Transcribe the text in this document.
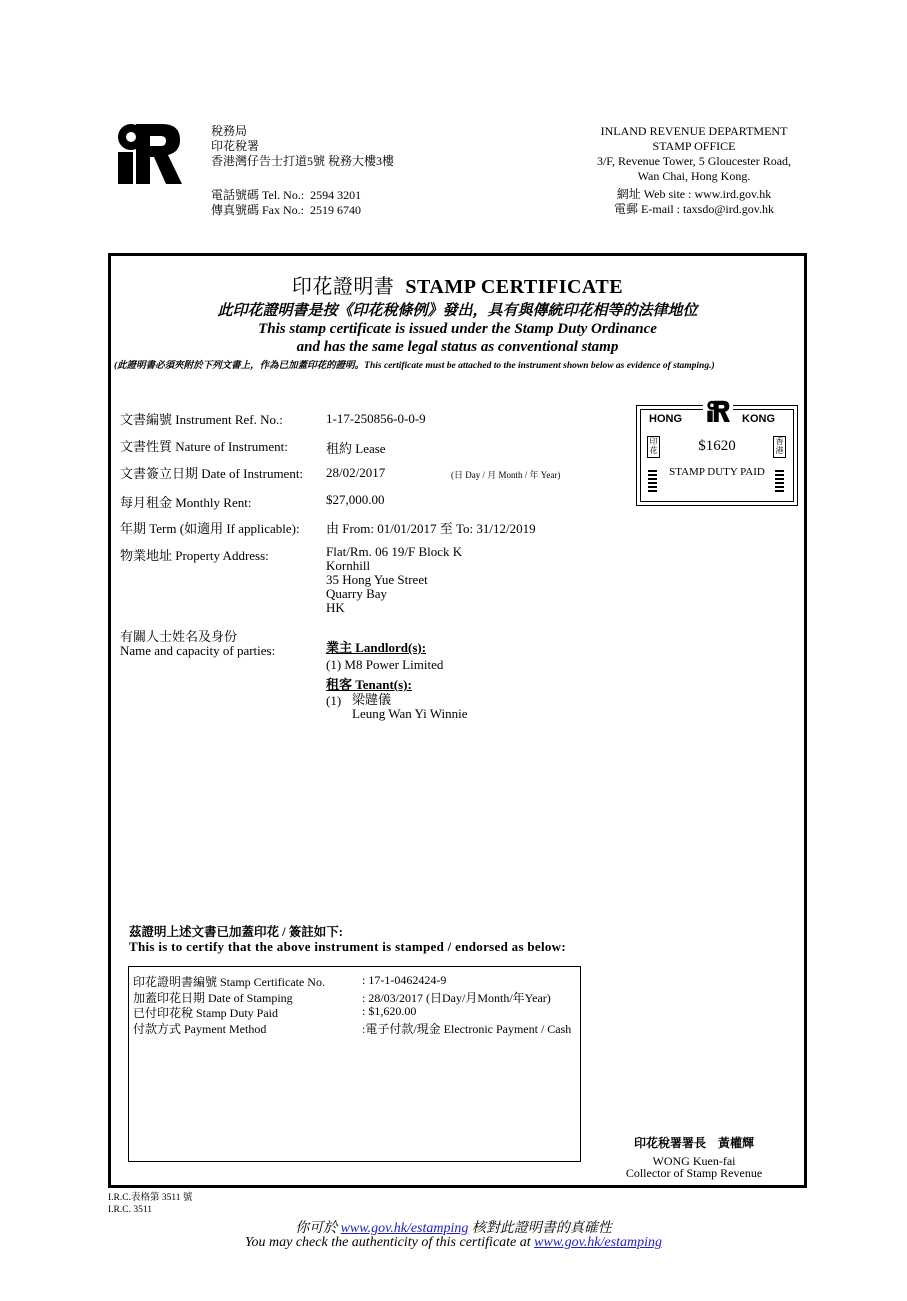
稅務局
印花稅署
香港灣仔告士打道5號 稅務大樓3樓
電話號碼 Tel. No.: 2594 3201
傳真號碼 Fax No.: 2519 6740
INLAND REVENUE DEPARTMENT
STAMP OFFICE
3/F, Revenue Tower, 5 Gloucester Road,
Wan Chai, Hong Kong.
網址 Web site : www.ird.gov.hk
電郵 E-mail : taxsdo@ird.gov.hk
印花證明書 STAMP CERTIFICATE
此印花證明書是按《印花稅條例》發出，具有與傳統印花相等的法律地位
This stamp certificate is issued under the Stamp Duty Ordinance
and has the same legal status as conventional stamp
(此證明書必須夾附於下列文書上，作為已加蓋印花的證明。This certificate must be attached to the instrument shown below as evidence of stamping.)
文書編號 Instrument Ref. No.:	1-17-250856-0-0-9
文書性質 Nature of Instrument:	租約 Lease
文書簽立日期 Date of Instrument: 28/02/2017	(日 Day / 月 Month / 年 Year)
每月租金 Monthly Rent:	$27,000.00
年期 Term (如適用 If applicable): 由 From: 01/01/2017 至 To: 31/12/2019
物業地址 Property Address:	Flat/Rm. 06 19/F Block K
Kornhill
35 Hong Yue Street
Quarry Bay
HK
有關人士姓名及身份
Name and capacity of parties:	業主 Landlord(s):
(1) M8 Power Limited
租客 Tenant(s):
(1) 梁韙儀
Leung Wan Yi Winnie
HONG	KONG
印花
香港
$1620
STAMP DUTY PAID
茲證明上述文書已加蓋印花 / 簽註如下:
This is to certify that the above instrument is stamped / endorsed as below:
印花證明書編號 Stamp Certificate No.	: 17-1-0462424-9
加蓋印花日期 Date of Stamping	: 28/03/2017 (日Day/月Month/年Year)
已付印花稅 Stamp Duty Paid	: $1,620.00
付款方式 Payment Method	:電子付款/現金 Electronic Payment / Cash
印花稅署署長　黃權輝
WONG Kuen-fai
Collector of Stamp Revenue
I.R.C.表格第 3511 號
I.R.C. 3511
你可於 www.gov.hk/estamping 核對此證明書的真確性
You may check the authenticity of this certificate at www.gov.hk/estamping
